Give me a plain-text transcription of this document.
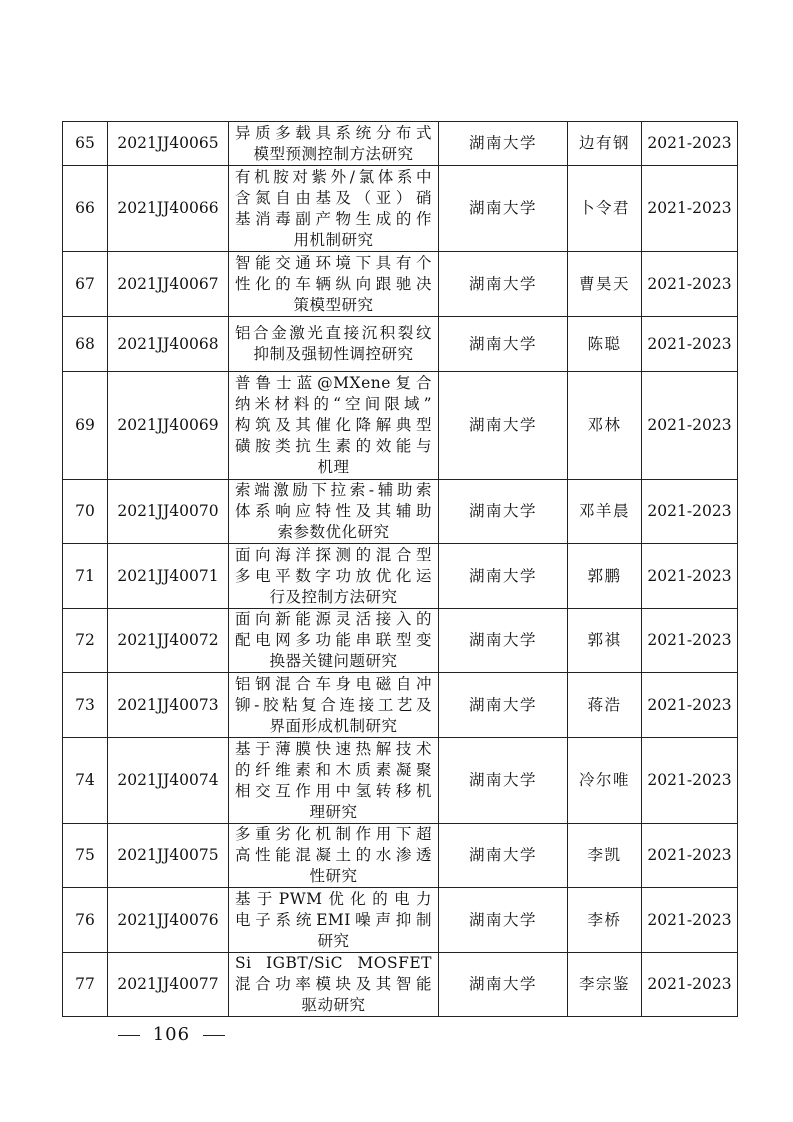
65	2021JJ40065	异质多载具系统分布式
模型预测控制方法研究	湖南大学	边有钢	2021-2023
66	2021JJ40066	有机胺对紫外/氯体系中
含氮自由基及（亚）硝
基消毒副产物生成的作
用机制研究	湖南大学	卜令君	2021-2023
67	2021JJ40067	智能交通环境下具有个
性化的车辆纵向跟驰决
策模型研究	湖南大学	曹昊天	2021-2023
68	2021JJ40068	铝合金激光直接沉积裂纹
抑制及强韧性调控研究	湖南大学	陈聪	2021-2023
69	2021JJ40069	普鲁士蓝@MXene复合
纳米材料的“空间限域”
构筑及其催化降解典型
磺胺类抗生素的效能与
机理	湖南大学	邓林	2021-2023
70	2021JJ40070	索端激励下拉索-辅助索
体系响应特性及其辅助
索参数优化研究	湖南大学	邓羊晨	2021-2023
71	2021JJ40071	面向海洋探测的混合型
多电平数字功放优化运
行及控制方法研究	湖南大学	郭鹏	2021-2023
72	2021JJ40072	面向新能源灵活接入的
配电网多功能串联型变
换器关键问题研究	湖南大学	郭祺	2021-2023
73	2021JJ40073	铝钢混合车身电磁自冲
铆-胶粘复合连接工艺及
界面形成机制研究	湖南大学	蒋浩	2021-2023
74	2021JJ40074	基于薄膜快速热解技术
的纤维素和木质素凝聚
相交互作用中氢转移机
理研究	湖南大学	冷尔唯	2021-2023
75	2021JJ40075	多重劣化机制作用下超
高性能混凝土的水渗透
性研究	湖南大学	李凯	2021-2023
76	2021JJ40076	基于PWM优化的电力
电子系统EMI噪声抑制
研究	湖南大学	李桥	2021-2023
77	2021JJ40077	Si IGBT/SiC MOSFET
混合功率模块及其智能
驱动研究	湖南大学	李宗鉴	2021-2023
106
